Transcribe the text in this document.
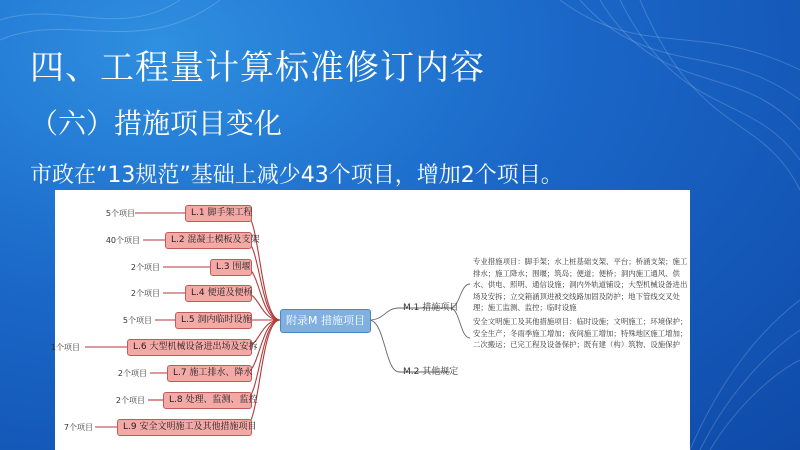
四、工程量计算标准修订内容
（六）措施项目变化
市政在“13规范”基础上减少43个项目，增加2个项目。
L.1 脚手架工程
5个项目
L.2 混凝土模板及支架
40个项目
L.3 围堰
2个项目
L.4 便道及便桥
2个项目
L.5 洞内临时设施
5个项目
L.6 大型机械设备进出场及安拆
1个项目
L.7 施工排水、降水
2个项目
L.8 处理、监测、监控
2个项目
L.9 安全文明施工及其他措施项目
7个项目
附录M 措施项目
M.1 措施项目
M.2 其他规定
专业措施项目：脚手架；水上桩基础支架、平台；桥涵支架；施工排水；施工降水；围堰；筑岛；便道；便桥；洞内施工通风、供水、供电、照明、通信设施；洞内外轨道铺设；大型机械设备进出场及安拆；立交箱涵顶进被交线路加固及防护；地下管线交叉处理；施工监测、监控；临时设施
安全文明施工及其他措施项目：临时设施；文明施工；环境保护；安全生产；冬雨季施工增加；夜间施工增加；特殊地区施工增加；二次搬运；已完工程及设备保护；既有建（构）筑物、设施保护
